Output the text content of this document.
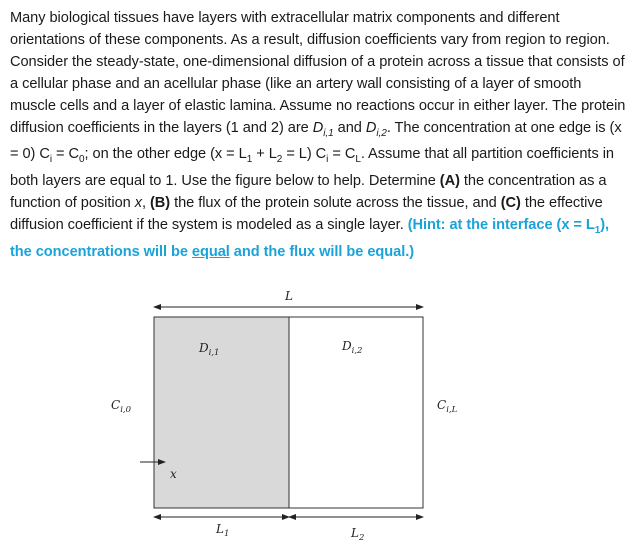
Many biological tissues have layers with extracellular matrix components and different orientations of these components. As a result, diffusion coefficients vary from region to region. Consider the steady-state, one-dimensional diffusion of a protein across a tissue that consists of a cellular phase and an acellular phase (like an artery wall consisting of a layer of smooth muscle cells and a layer of elastic lamina. Assume no reactions occur in either layer. The protein diffusion coefficients in the layers (1 and 2) are $D_{i,1}$ and $D_{i,2}$. The concentration at one edge is (x = 0) $C_i = C_0$; on the other edge $(x = L_1 + L_2 = L)$ $C_i = C_L$. Assume that all partition coefficients in both layers are equal to 1. Use the figure below to help. Determine (A) the concentration as a function of position x, (B) the flux of the protein solute across the tissue, and (C) the effective diffusion coefficient if the system is modeled as a single layer. (Hint: at the interface $(x = L_1)$, the concentrations will be equal and the flux will be equal.)
L
$D_{i,1}$	$D_{i,2}$
$C_{i,0}$	$C_{i,L}$
x
$L_1$	$L_2$
